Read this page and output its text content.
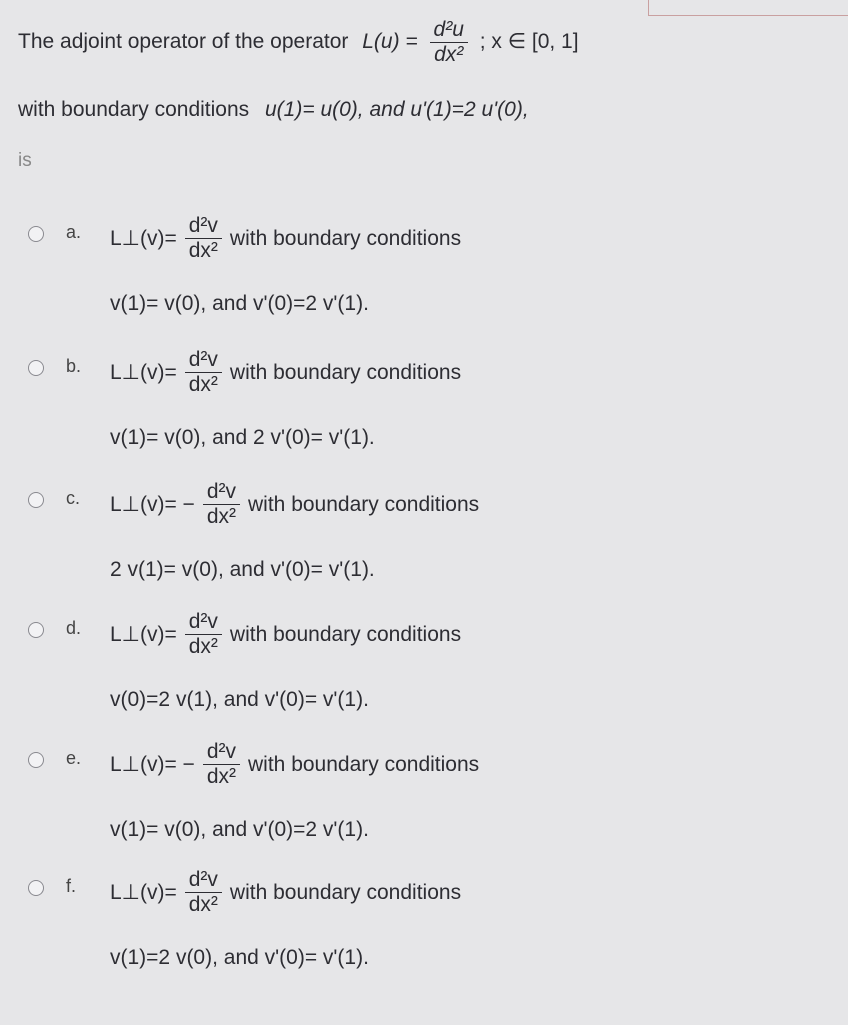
The adjoint operator of the operator $L(u) = \frac{\text{d²u}}{\text{dx²}}$ ; x ∈ [0, 1]
with boundary conditions u(1)= u(0), and u'(1)=2 u'(0),
is
a. L⊥(v)= $\frac{\text{d²v}}{\text{dx²}}$ with boundary conditions
v(1)= v(0), and v'(0)=2 v'(1).
b. L⊥(v)= $\frac{\text{d²v}}{\text{dx²}}$ with boundary conditions
v(1)= v(0), and 2 v'(0)= v'(1).
c. L⊥(v)= − $\frac{\text{d²v}}{\text{dx²}}$ with boundary conditions
2 v(1)= v(0), and v'(0)= v'(1).
d. L⊥(v)= $\frac{\text{d²v}}{\text{dx²}}$ with boundary conditions
v(0)=2 v(1), and v'(0)= v'(1).
e. L⊥(v)= − $\frac{\text{d²v}}{\text{dx²}}$ with boundary conditions
v(1)= v(0), and v'(0)=2 v'(1).
f. L⊥(v)= $\frac{\text{d²v}}{\text{dx²}}$ with boundary conditions
v(1)=2 v(0), and v'(0)= v'(1).
